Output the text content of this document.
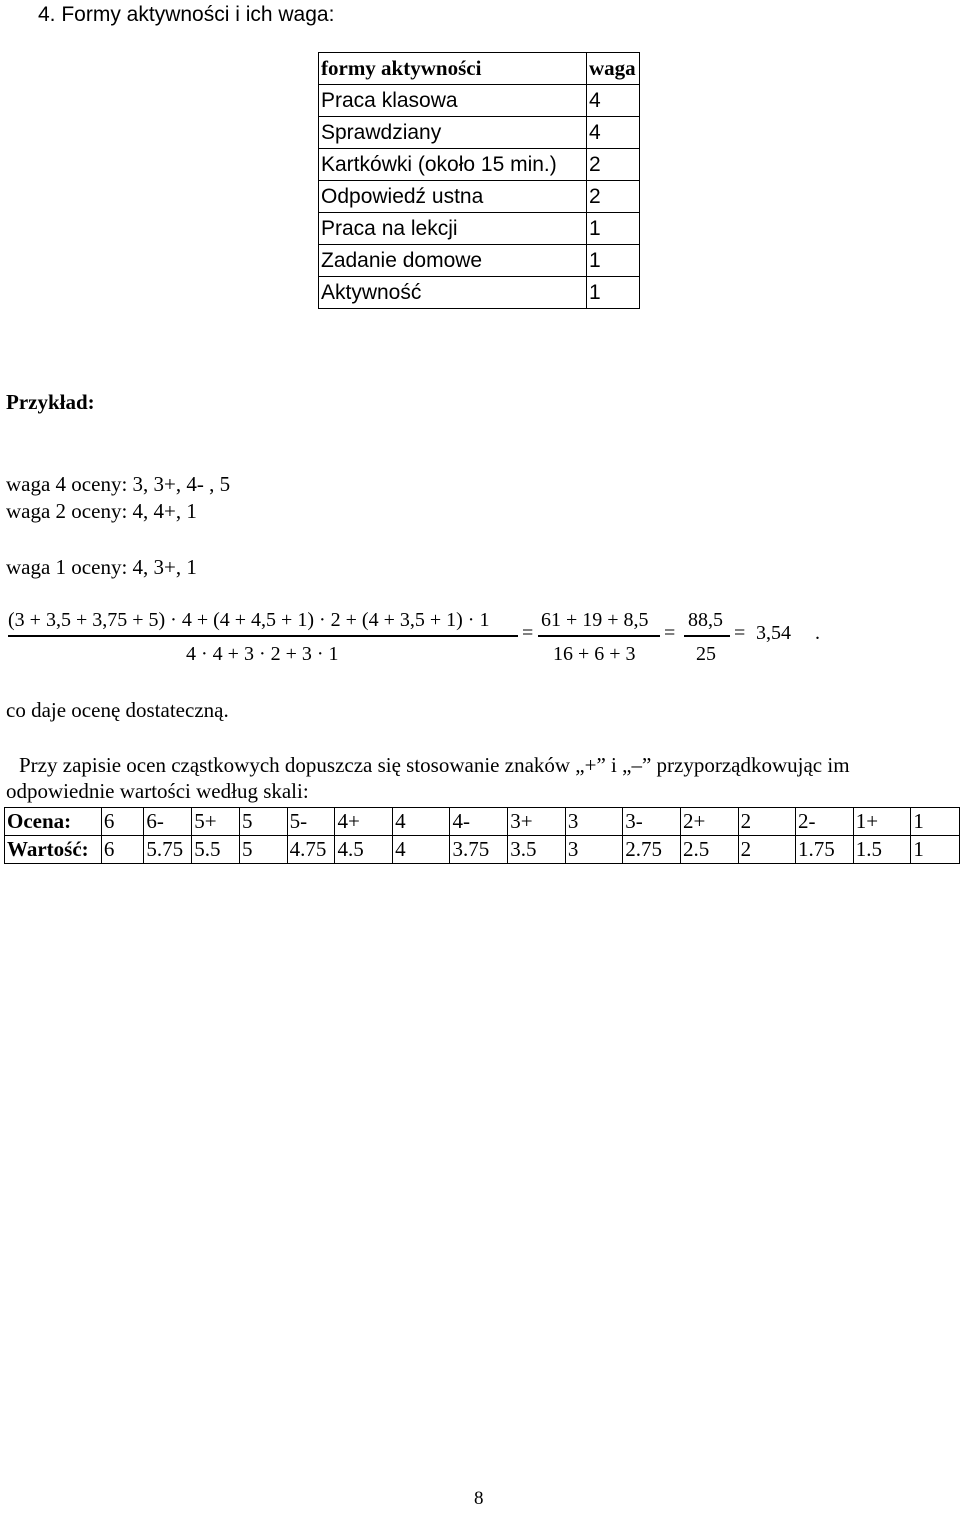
4. Formy aktywności i ich waga:
formy aktywności	waga
Praca klasowa	4
Sprawdziany	4
Kartkówki (około 15 min.)	2
Odpowiedź ustna	2
Praca na lekcji	1
Zadanie domowe	1
Aktywność	1
Przykład:
waga 4 oceny: 3, 3+, 4- , 5
waga 2 oceny: 4, 4+, 1
waga 1 oceny: 4, 3+, 1
(3 + 3,5 + 3,75 + 5) · 4 + (4 + 4,5 + 1) · 2 + (4 + 3,5 + 1) · 1
4 · 4 + 3 · 2 + 3 · 1
=
61 + 19 + 8,5
16 + 6 + 3
=
88,5
25
= 3,54 .
co daje ocenę dostateczną.
Przy zapisie ocen cząstkowych dopuszcza się stosowanie znaków „+” i „–” przyporządkowując im
odpowiednie wartości według skali:
Ocena:	6	6-	5+	5	5-	4+	4	4-	3+	3	3-	2+	2	2-	1+	1
Wartość:	6	5.75	5.5	5	4.75	4.5	4	3.75	3.5	3	2.75	2.5	2	1.75	1.5	1
8
